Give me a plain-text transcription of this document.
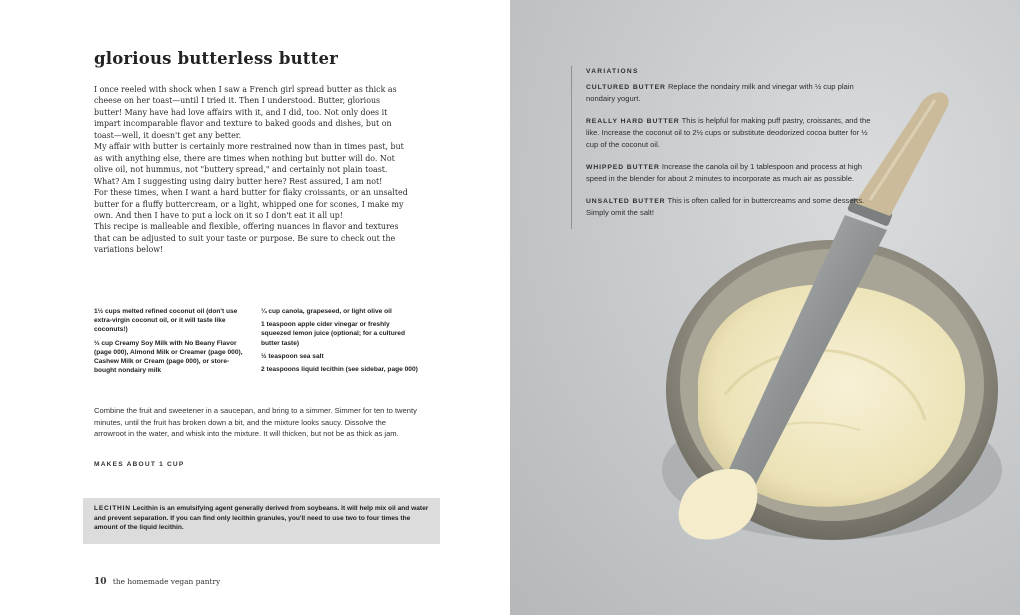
glorious butterless butter

I once reeled with shock when I saw a French girl spread butter as thick as cheese on her toast—until I tried it. Then I understood. Butter, glorious butter! Many have had love affairs with it, and I did, too. Not only does it impart incomparable flavor and texture to baked goods and dishes, but on toast—well, it doesn't get any better.

My affair with butter is certainly more restrained now than in times past, but as with anything else, there are times when nothing but butter will do. Not olive oil, not hummus, not "buttery spread," and certainly not plain toast. What? Am I suggesting using dairy butter here? Rest assured, I am not!

For these times, when I want a hard butter for flaky croissants, or an unsalted butter for a fluffy buttercream, or a light, whipped one for scones, I make my own. And then I have to put a lock on it so I don't eat it all up!

This recipe is malleable and flexible, offering nuances in flavor and textures that can be adjusted to suit your taste or purpose. Be sure to check out the variations below!

1½ cups melted refined coconut oil (don't use extra-virgin coconut oil, or it will taste like coconuts!)
⅓ cup Creamy Soy Milk with No Beany Flavor (page 000), Almond Milk or Creamer (page 000), Cashew Milk or Cream (page 000), or store-bought nondairy milk
¼ cup canola, grapeseed, or light olive oil
1 teaspoon apple cider vinegar or freshly squeezed lemon juice (optional; for a cultured butter taste)
½ teaspoon sea salt
2 teaspoons liquid lecithin (see sidebar, page 000)

Combine the fruit and sweetener in a saucepan, and bring to a simmer. Simmer for ten to twenty minutes, until the fruit has broken down a bit, and the mixture looks saucy. Dissolve the arrowroot in the water, and whisk into the mixture. It will thicken, but not be as thick as jam.

MAKES ABOUT 1 CUP
LECITHIN Lecithin is an emulsifying agent generally derived from soybeans. It will help mix oil and water and prevent separation. If you can find only lecithin granules, you'll need to use two to four times the amount of the liquid lecithin.
10 the homemade vegan pantry
VARIATIONS
CULTURED BUTTER Replace the nondairy milk and vinegar with ½ cup plain nondairy yogurt.
REALLY HARD BUTTER This is helpful for making puff pastry, croissants, and the like. Increase the coconut oil to 2½ cups or substitute deodorized cocoa butter for ½ cup of the coconut oil.
WHIPPED BUTTER Increase the canola oil by 1 tablespoon and process at high speed in the blender for about 2 minutes to incorporate as much air as possible.
UNSALTED BUTTER This is often called for in buttercreams and some desserts. Simply omit the salt!
